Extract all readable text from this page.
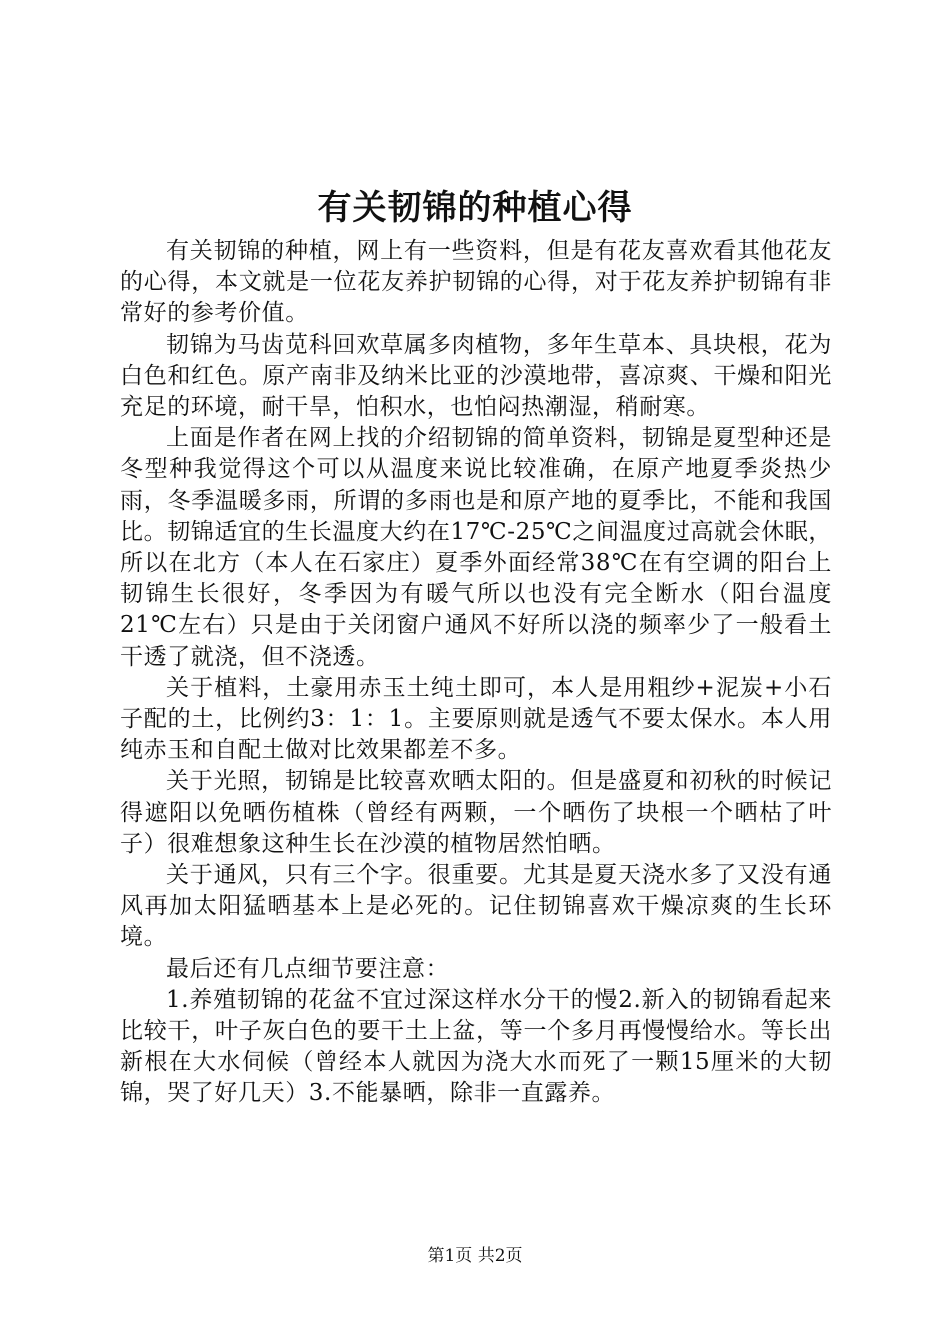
有关韧锦的种植心得

有关韧锦的种植，网上有一些资料，但是有花友喜欢看其他花友的心得，本文就是一位花友养护韧锦的心得，对于花友养护韧锦有非常好的参考价值。

韧锦为马齿苋科回欢草属多肉植物，多年生草本、具块根，花为白色和红色。原产南非及纳米比亚的沙漠地带，喜凉爽、干燥和阳光充足的环境，耐干旱，怕积水，也怕闷热潮湿，稍耐寒。

上面是作者在网上找的介绍韧锦的简单资料，韧锦是夏型种还是冬型种我觉得这个可以从温度来说比较准确，在原产地夏季炎热少雨，冬季温暖多雨，所谓的多雨也是和原产地的夏季比，不能和我国比。韧锦适宜的生长温度大约在17℃-25℃之间温度过高就会休眠，所以在北方（本人在石家庄）夏季外面经常38℃在有空调的阳台上韧锦生长很好，冬季因为有暖气所以也没有完全断水（阳台温度21℃左右）只是由于关闭窗户通风不好所以浇的频率少了一般看土干透了就浇，但不浇透。

关于植料，土豪用赤玉土纯土即可，本人是用粗纱+泥炭+小石子配的土，比例约3：1：1。主要原则就是透气不要太保水。本人用纯赤玉和自配土做对比效果都差不多。

关于光照，韧锦是比较喜欢晒太阳的。但是盛夏和初秋的时候记得遮阳以免晒伤植株（曾经有两颗，一个晒伤了块根一个晒枯了叶子）很难想象这种生长在沙漠的植物居然怕晒。

关于通风，只有三个字。很重要。尤其是夏天浇水多了又没有通风再加太阳猛晒基本上是必死的。记住韧锦喜欢干燥凉爽的生长环境。

最后还有几点细节要注意：

1.养殖韧锦的花盆不宜过深这样水分干的慢2.新入的韧锦看起来比较干，叶子灰白色的要干土上盆，等一个多月再慢慢给水。等长出新根在大水伺候（曾经本人就因为浇大水而死了一颗15厘米的大韧锦，哭了好几天）3.不能暴晒，除非一直露养。

第1页 共2页
